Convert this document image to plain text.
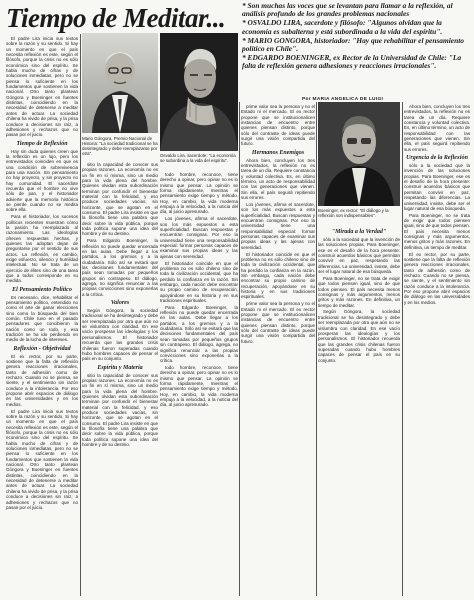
Tiempo de Meditar...	* Son muchas las voces que se levantan para llamar a la reflexión, al análisis profundo de los grandes problemas nacionales

* OSVALDO LIRA, sacerdote y filósofo: "Algunos olvidan que la economía es subalterna y está subordinada a la vida del espíritu".

* MARIO GONGORA, historiador: "Hay que rehabilitar el pensamiento político en Chile".

* EDGARDO BOENINGER, ex Rector de la Universidad de Chile: "La falta de reflexión genera adhesiones y reacciones irracionales".

Por MARIA ANGELICA DE LUIGI
Mario Góngora, Premio Nacional de Historia: "La sociedad tradicional se ha desintegrado y debe reemplazarse por otra".	Osvaldo Lira, sacerdote: "La economía se subordina a la vida del espíritu".
Boeninger, ex rector: "El diálogo y la reflexión son indispensables".

El padre Lira inicia sus textos sobre la razón y su sentido. Si hay un momento en que el país necesita reflexión es este, según el filósofo, porque la crisis no es sólo económica sino del espíritu. Se habla mucho de cifras y de soluciones inmediatas, pero no se piensa lo suficiente en los fundamentos que sostienen la vida nacional. Otro tanto plantean Góngora y Boeninger en fuentes distintas, coincidiendo en la necesidad de detenerse a meditar antes de actuar. La sociedad chilena ha vivido de prisa, y la prisa conduce a decisiones sin raíz, a adhesiones y rechazos que no pasan por el juicio.

Tiempo de Reflexión

Hay sin duda quienes creen que la reflexión es un lujo, pero los entrevistados coinciden en que es una condición de sobrevivencia para una nación. Sin pensamiento no hay proyecto, y sin proyecto no hay comunidad. El sacerdote recuerda que el hombre no vive sólo de pan, y el historiador advierte que la memoria histórica se pierde cuando no se medita sobre ella.

Para el historiador, los sucesos políticos recientes muestran cómo la pasión ha reemplazado al razonamiento. Las ideologías ofrecen respuestas hechas, y quienes las adoptan dejan de preguntarse por el sentido de sus actos. La reflexión, en cambio, exige esfuerzo, silencio y humildad intelectual. No se trata de un ejercicio de élites sino de una tarea que a todos corresponde en su medida.

El Pensamiento Político

Es necesario, dice, rehabilitar el pensamiento político, entendido no como el arte de ganar elecciones sino como la búsqueda del bien común. Chile tuvo en el pasado pensadores que concibieron la nación como un todo, y esa tradición se ha ido perdiendo en medio de la lucha de intereses.

Reflexión - Objetividad

El ex rector, por su parte, sostiene que la falta de reflexión genera reacciones irracionales, tanto de adhesión como de rechazo. Cuando no se piensa, se siente, y el sentimiento sin razón conduce a la intolerancia. Por eso propone abrir espacios de diálogo en las universidades y en los medios.

El padre Lira inicia sus textos sobre la razón y su sentido. Si hay un momento en que el país necesita reflexión es este, según el filósofo, porque la crisis no es sólo económica sino del espíritu. Se habla mucho de cifras y de soluciones inmediatas, pero no se piensa lo suficiente en los fundamentos que sostienen la vida nacional. Otro tanto plantean Góngora y Boeninger en fuentes distintas, coincidiendo en la necesidad de detenerse a meditar antes de actuar. La sociedad chilena ha vivido de prisa, y la prisa conduce a decisiones sin raíz, a adhesiones y rechazos que no pasan por el juicio.

sitio la capacidad de conocer sus propias razones. La economía no es un fin en sí misma, sino un medio para la vida plena del hombre. Quienes olvidan esta subordinación terminan por confundir el bienestar material con la felicidad, y eso produce sociedades vacías, sin horizonte, que se agotan en el consumo. El padre Lira insiste en que la filosofía tiene una palabra que decir sobre la vida pública, porque toda política supone una idea del hombre y de su destino.

Para Edgardo Boeninger, la reflexión no puede quedar encerrada en las aulas. Debe llegar a los partidos, a los gremios y a la ciudadanía. Sólo así se evitará que las decisiones fundamentales del país sean tomadas por pequeños grupos sin contrapeso. El diálogo, agrega, no significa renunciar a las propias convicciones sino exponerlas a la crítica.

Valores

Según Góngora, la sociedad tradicional se ha desintegrado y debe ser reemplazada por otra que aún no se vislumbra con claridad. En ese vacío prosperan las ideologías y los personalismos. El historiador recuerda que las grandes crisis chilenas fueron superadas cuando hubo hombres capaces de pensar el país en su conjunto.

Espíritu y Materia

sitio la capacidad de conocer sus propias razones. La economía no es un fin en sí misma, sino un medio para la vida plena del hombre. Quienes olvidan esta subordinación terminan por confundir el bienestar material con la felicidad, y eso produce sociedades vacías, sin horizonte, que se agotan en el consumo. El padre Lira insiste en que la filosofía tiene una palabra que decir sobre la vida pública, porque toda política supone una idea del hombre y de su destino.

todo hombre, reconoce, tiene derecho a opinar, pero opinar no es lo mismo que pensar. La opinión se forma rápidamente, mientras el pensamiento exige tiempo y método. Hoy, en cambio, la vida moderna empuja a la velocidad, a la noticia del día, al juicio apresurado.

Los jóvenes, afirma el sacerdote, son los más expuestos a esta superficialidad. Buscan respuestas y encuentran consignas. Por eso la universidad tiene una responsabilidad especial: formar personas capaces de examinar sus propias ideas y las ajenas con serenidad.

El historiador coincide en que el problema no es sólo chileno sino de toda la civilización occidental, que ha perdido la confianza en la razón. Sin embargo, cada nación debe encontrar su propio camino de recuperación, apoyándose en su historia y en sus tradiciones espirituales.

Para Edgardo Boeninger, la reflexión no puede quedar encerrada en las aulas. Debe llegar a los partidos, a los gremios y a la ciudadanía. Sólo así se evitará que las decisiones fundamentales del país sean tomadas por pequeños grupos sin contrapeso. El diálogo, agrega, no significa renunciar a las propias convicciones sino exponerlas a la crítica.

todo hombre, reconoce, tiene derecho a opinar, pero opinar no es lo mismo que pensar. La opinión se forma rápidamente, mientras el pensamiento exige tiempo y método. Hoy, en cambio, la vida moderna empuja a la velocidad, a la noticia del día, al juicio apresurado.

prime valor sea la persona y no el Estado ni el mercado. El ex rector propone que se institucionalicen instancias de encuentro entre quienes piensan distinto, porque sólo del contraste de ideas puede surgir una visión compartida del futuro.

Hermanos Enemigos

Ahora bien, concluyen los tres entrevistados, la reflexión no es tarea de un día. Requiere constancia y voluntad colectiva. Es, en último término, un acto de responsabilidad con las generaciones que vienen. Sin ella, el país seguirá repitiendo sus errores.

Los jóvenes, afirma el sacerdote, son los más expuestos a esta superficialidad. Buscan respuestas y encuentran consignas. Por eso la universidad tiene una responsabilidad especial: formar personas capaces de examinar sus propias ideas y las ajenas con serenidad.

El historiador coincide en que el problema no es sólo chileno sino de toda la civilización occidental, que ha perdido la confianza en la razón. Sin embargo, cada nación debe encontrar su propio camino de recuperación, apoyándose en su historia y en sus tradiciones espirituales.

prime valor sea la persona y no el Estado ni el mercado. El ex rector propone que se institucionalicen instancias de encuentro entre quienes piensan distinto, porque sólo del contraste de ideas puede surgir una visión compartida del futuro.

"Mirada a la Verdad"

sólo a la sociedad que la invención de las soluciones propias. Para Boeninger, ese es el desafío de la hora presente: construir acuerdos básicos que permitan convivir en paz, respetando las diferencias. La universidad, insiste, debe ser el lugar natural de esa búsqueda.

Para Boeninger, no se trata de exigir que todos piensen igual, sino de que todos piensen. El país necesita menos consignas y más argumentos, menos gritos y más razones. En definitiva, un tiempo de meditar.

Según Góngora, la sociedad tradicional se ha desintegrado y debe ser reemplazada por otra que aún no se vislumbra con claridad. En ese vacío prosperan las ideologías y los personalismos. El historiador recuerda que las grandes crisis chilenas fueron superadas cuando hubo hombres capaces de pensar el país en su conjunto.

Ahora bien, concluyen los tres entrevistados, la reflexión no es tarea de un día. Requiere constancia y voluntad colectiva. Es, en último término, un acto de responsabilidad con las generaciones que vienen. Sin ella, el país seguirá repitiendo sus errores.

Urgencia de la Reflexión

sólo a la sociedad que la invención de las soluciones propias. Para Boeninger, ese es el desafío de la hora presente: construir acuerdos básicos que permitan convivir en paz, respetando las diferencias. La universidad, insiste, debe ser el lugar natural de esa búsqueda.

Para Boeninger, no se trata de exigir que todos piensen igual, sino de que todos piensen. El país necesita menos consignas y más argumentos, menos gritos y más razones. En definitiva, un tiempo de meditar.

El ex rector, por su parte, sostiene que la falta de reflexión genera reacciones irracionales, tanto de adhesión como de rechazo. Cuando no se piensa, se siente, y el sentimiento sin razón conduce a la intolerancia. Por eso propone abrir espacios de diálogo en las universidades y en los medios.
